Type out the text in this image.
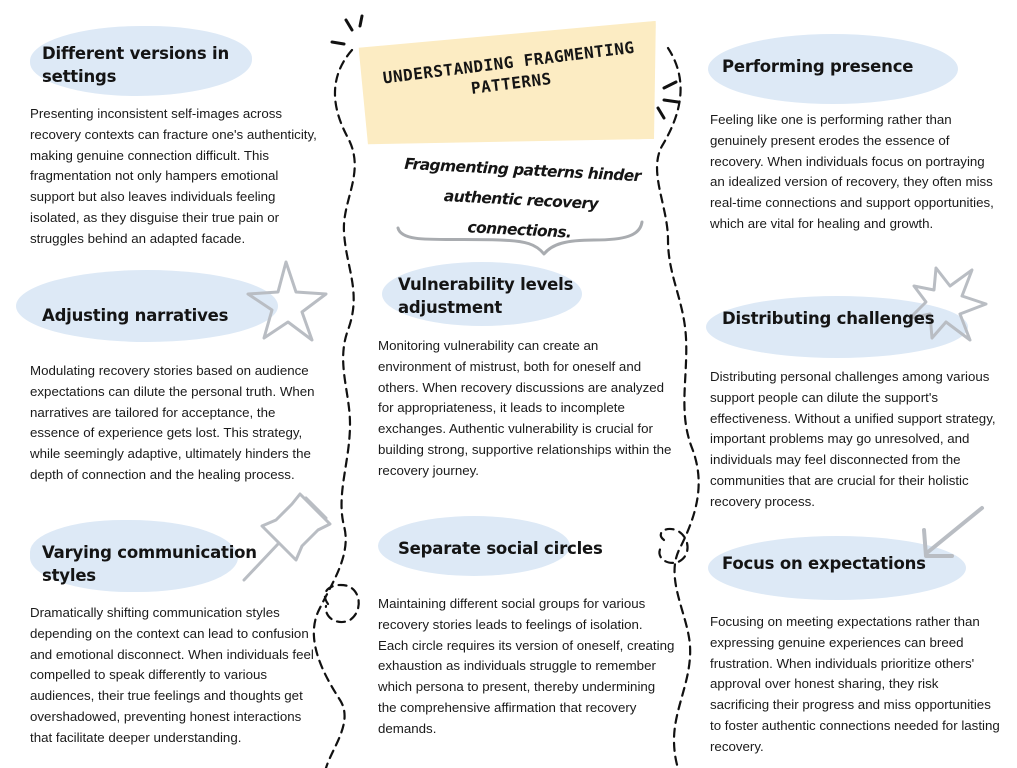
UNDERSTANDING FRAGMENTING PATTERNS

Fragmenting patterns hinder authentic recovery connections.

Different versions in settings

Presenting inconsistent self-images across recovery contexts can fracture one's authenticity, making genuine connection difficult. This fragmentation not only hampers emotional support but also leaves individuals feeling isolated, as they disguise their true pain or struggles behind an adapted facade.

Adjusting narratives

Modulating recovery stories based on audience expectations can dilute the personal truth. When narratives are tailored for acceptance, the essence of experience gets lost. This strategy, while seemingly adaptive, ultimately hinders the depth of connection and the healing process.

Varying communication styles

Dramatically shifting communication styles depending on the context can lead to confusion and emotional disconnect. When individuals feel compelled to speak differently to various audiences, their true feelings and thoughts get overshadowed, preventing honest interactions that facilitate deeper understanding.

Vulnerability levels adjustment

Monitoring vulnerability can create an environment of mistrust, both for oneself and others. When recovery discussions are analyzed for appropriateness, it leads to incomplete exchanges. Authentic vulnerability is crucial for building strong, supportive relationships within the recovery journey.

Separate social circles

Maintaining different social groups for various recovery stories leads to feelings of isolation. Each circle requires its version of oneself, creating exhaustion as individuals struggle to remember which persona to present, thereby undermining the comprehensive affirmation that recovery demands.

Performing presence

Feeling like one is performing rather than genuinely present erodes the essence of recovery. When individuals focus on portraying an idealized version of recovery, they often miss real-time connections and support opportunities, which are vital for healing and growth.

Distributing challenges

Distributing personal challenges among various support people can dilute the support's effectiveness. Without a unified support strategy, important problems may go unresolved, and individuals may feel disconnected from the communities that are crucial for their holistic recovery process.

Focus on expectations

Focusing on meeting expectations rather than expressing genuine experiences can breed frustration. When individuals prioritize others' approval over honest sharing, they risk sacrificing their progress and miss opportunities to foster authentic connections needed for lasting recovery.
